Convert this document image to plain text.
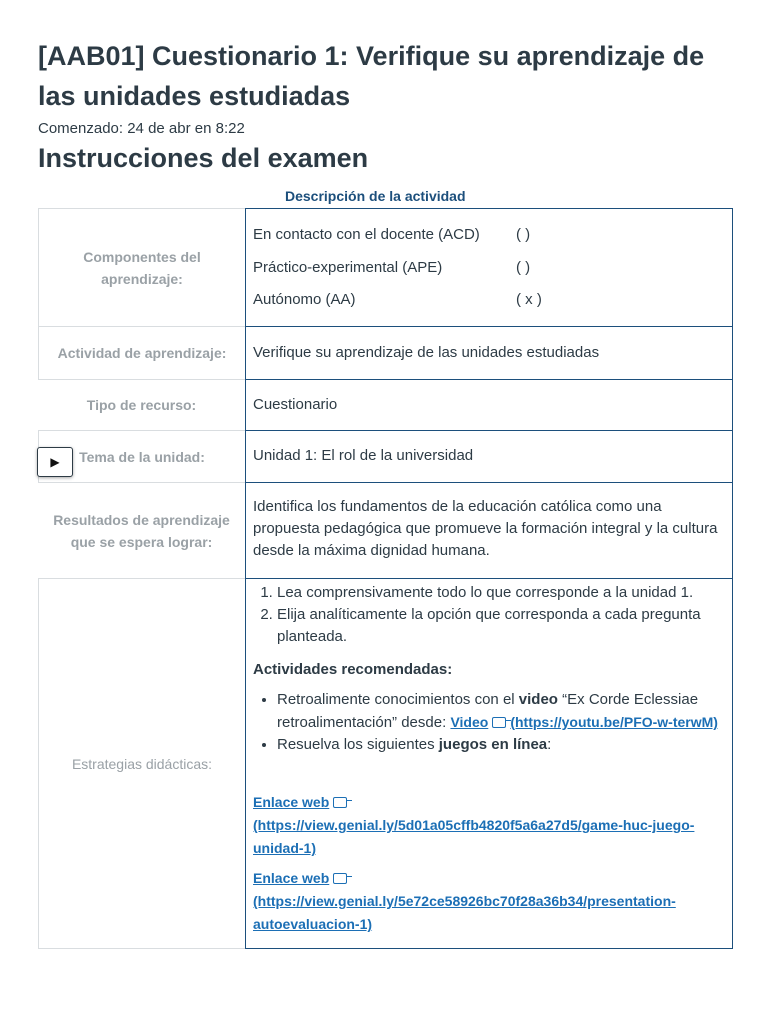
[AAB01] Cuestionario 1: Verifique su aprendizaje de las unidades estudiadas
Comenzado: 24 de abr en 8:22
Instrucciones del examen
Descripción de la actividad
Componentes del aprendizaje:
Actividad de aprendizaje:
Tipo de recurso:
Tema de la unidad:
Resultados de aprendizaje que se espera lograr:
Estrategias didácticas:
En contacto con el docente (ACD) ( )
Práctico-experimental (APE)	( )
Autónomo (AA)	( x )
Verifique su aprendizaje de las unidades estudiadas
Cuestionario
Unidad 1: El rol de la universidad
Identifica los fundamentos de la educación católica como una propuesta pedagógica que promueve la formación integral y la cultura desde la máxima dignidad humana.
1. Lea comprensivamente todo lo que corresponde a la unidad 1.
2. Elija analíticamente la opción que corresponda a cada pregunta planteada.
Actividades recomendadas:
• Retroalimente conocimientos con el video “Ex Corde Eclessiae retroalimentación” desde: Video (https://youtu.be/PFO-w-terwM)
• Resuelva los siguientes juegos en línea:
Enlace web
(https://view.genial.ly/5d01a05cffb4820f5a6a27d5/game-huc-juego-unidad-1)
Enlace web
(https://view.genial.ly/5e72ce58926bc70f28a36b34/presentation-autoevaluacion-1)
▶
